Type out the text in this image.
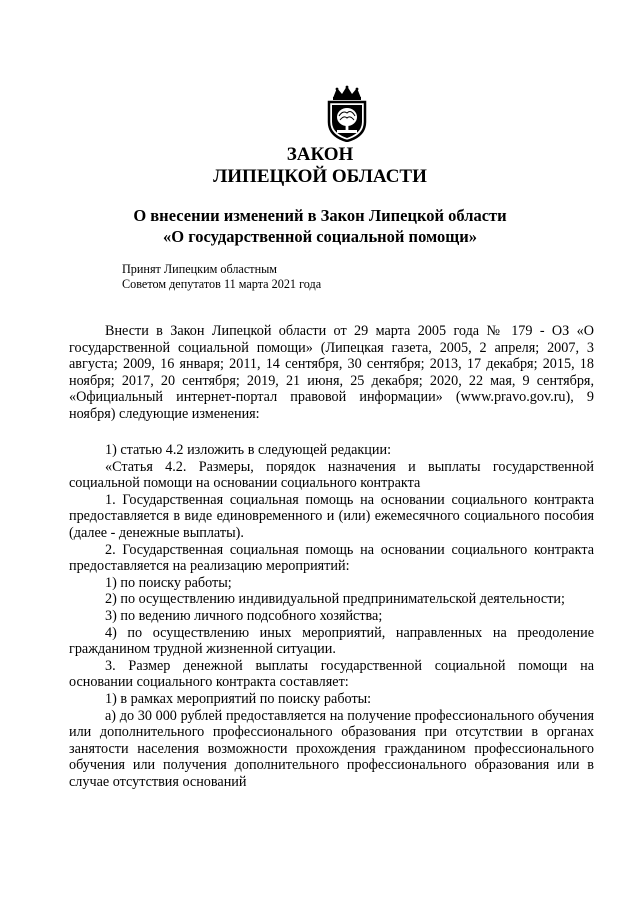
ЗАКОН
ЛИПЕЦКОЙ ОБЛАСТИ
О внесении изменений в Закон Липецкой области
«О государственной социальной помощи»
Принят Липецким областным
Советом депутатов 11 марта 2021 года

Внести в Закон Липецкой области от 29 марта 2005 года № 179 - ОЗ «О государственной социальной помощи» (Липецкая газета, 2005, 2 апреля; 2007, 3 августа; 2009, 16 января; 2011, 14 сентября, 30 сентября; 2013, 17 декабря; 2015, 18 ноября; 2017, 20 сентября; 2019, 21 июня, 25 декабря; 2020, 22 мая, 9 сентября, «Официальный интернет-портал правовой информации» (www.pravo.gov.ru), 9 ноября) следующие изменения:

1) статью 4.2 изложить в следующей редакции:

«Статья 4.2. Размеры, порядок назначения и выплаты государственной социальной помощи на основании социального контракта

1. Государственная социальная помощь на основании социального контракта предоставляется в виде единовременного и (или) ежемесячного социального пособия (далее - денежные выплаты).

2. Государственная социальная помощь на основании социального контракта предоставляется на реализацию мероприятий:

1) по поиску работы;

2) по осуществлению индивидуальной предпринимательской деятельности;

3) по ведению личного подсобного хозяйства;

4) по осуществлению иных мероприятий, направленных на преодоление гражданином трудной жизненной ситуации.

3. Размер денежной выплаты государственной социальной помощи на основании социального контракта составляет:

1) в рамках мероприятий по поиску работы:

а) до 30 000 рублей предоставляется на получение профессионального обучения или дополнительного профессионального образования при отсутствии в органах занятости населения возможности прохождения гражданином профессионального обучения или получения дополнительного профессионального образования или в случае отсутствия оснований
